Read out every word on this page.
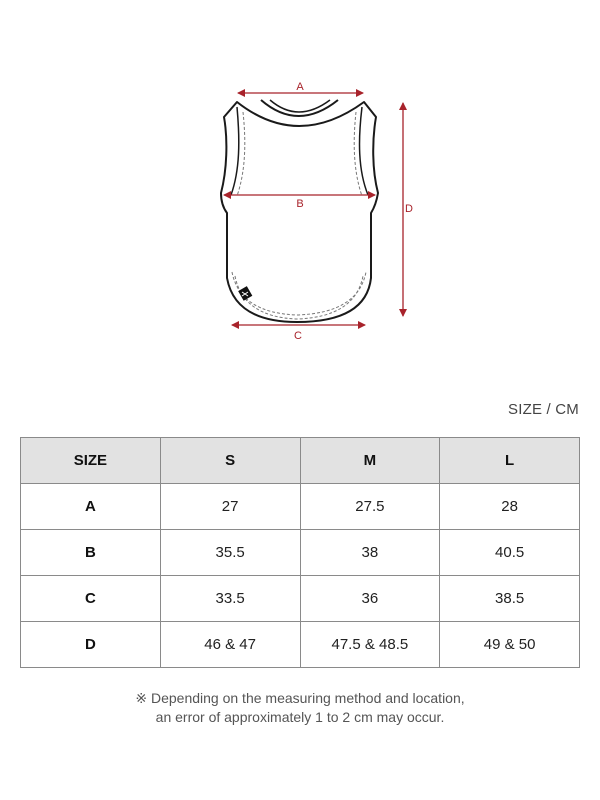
A
B
C
D
SIZE / CM
SIZE	S	M	L
A	27	27.5	28
B	35.5	38	40.5
C	33.5	36	38.5
D	46 & 47	47.5 & 48.5	49 & 50
※ Depending on the measuring method and location,
an error of approximately 1 to 2 cm may occur.
